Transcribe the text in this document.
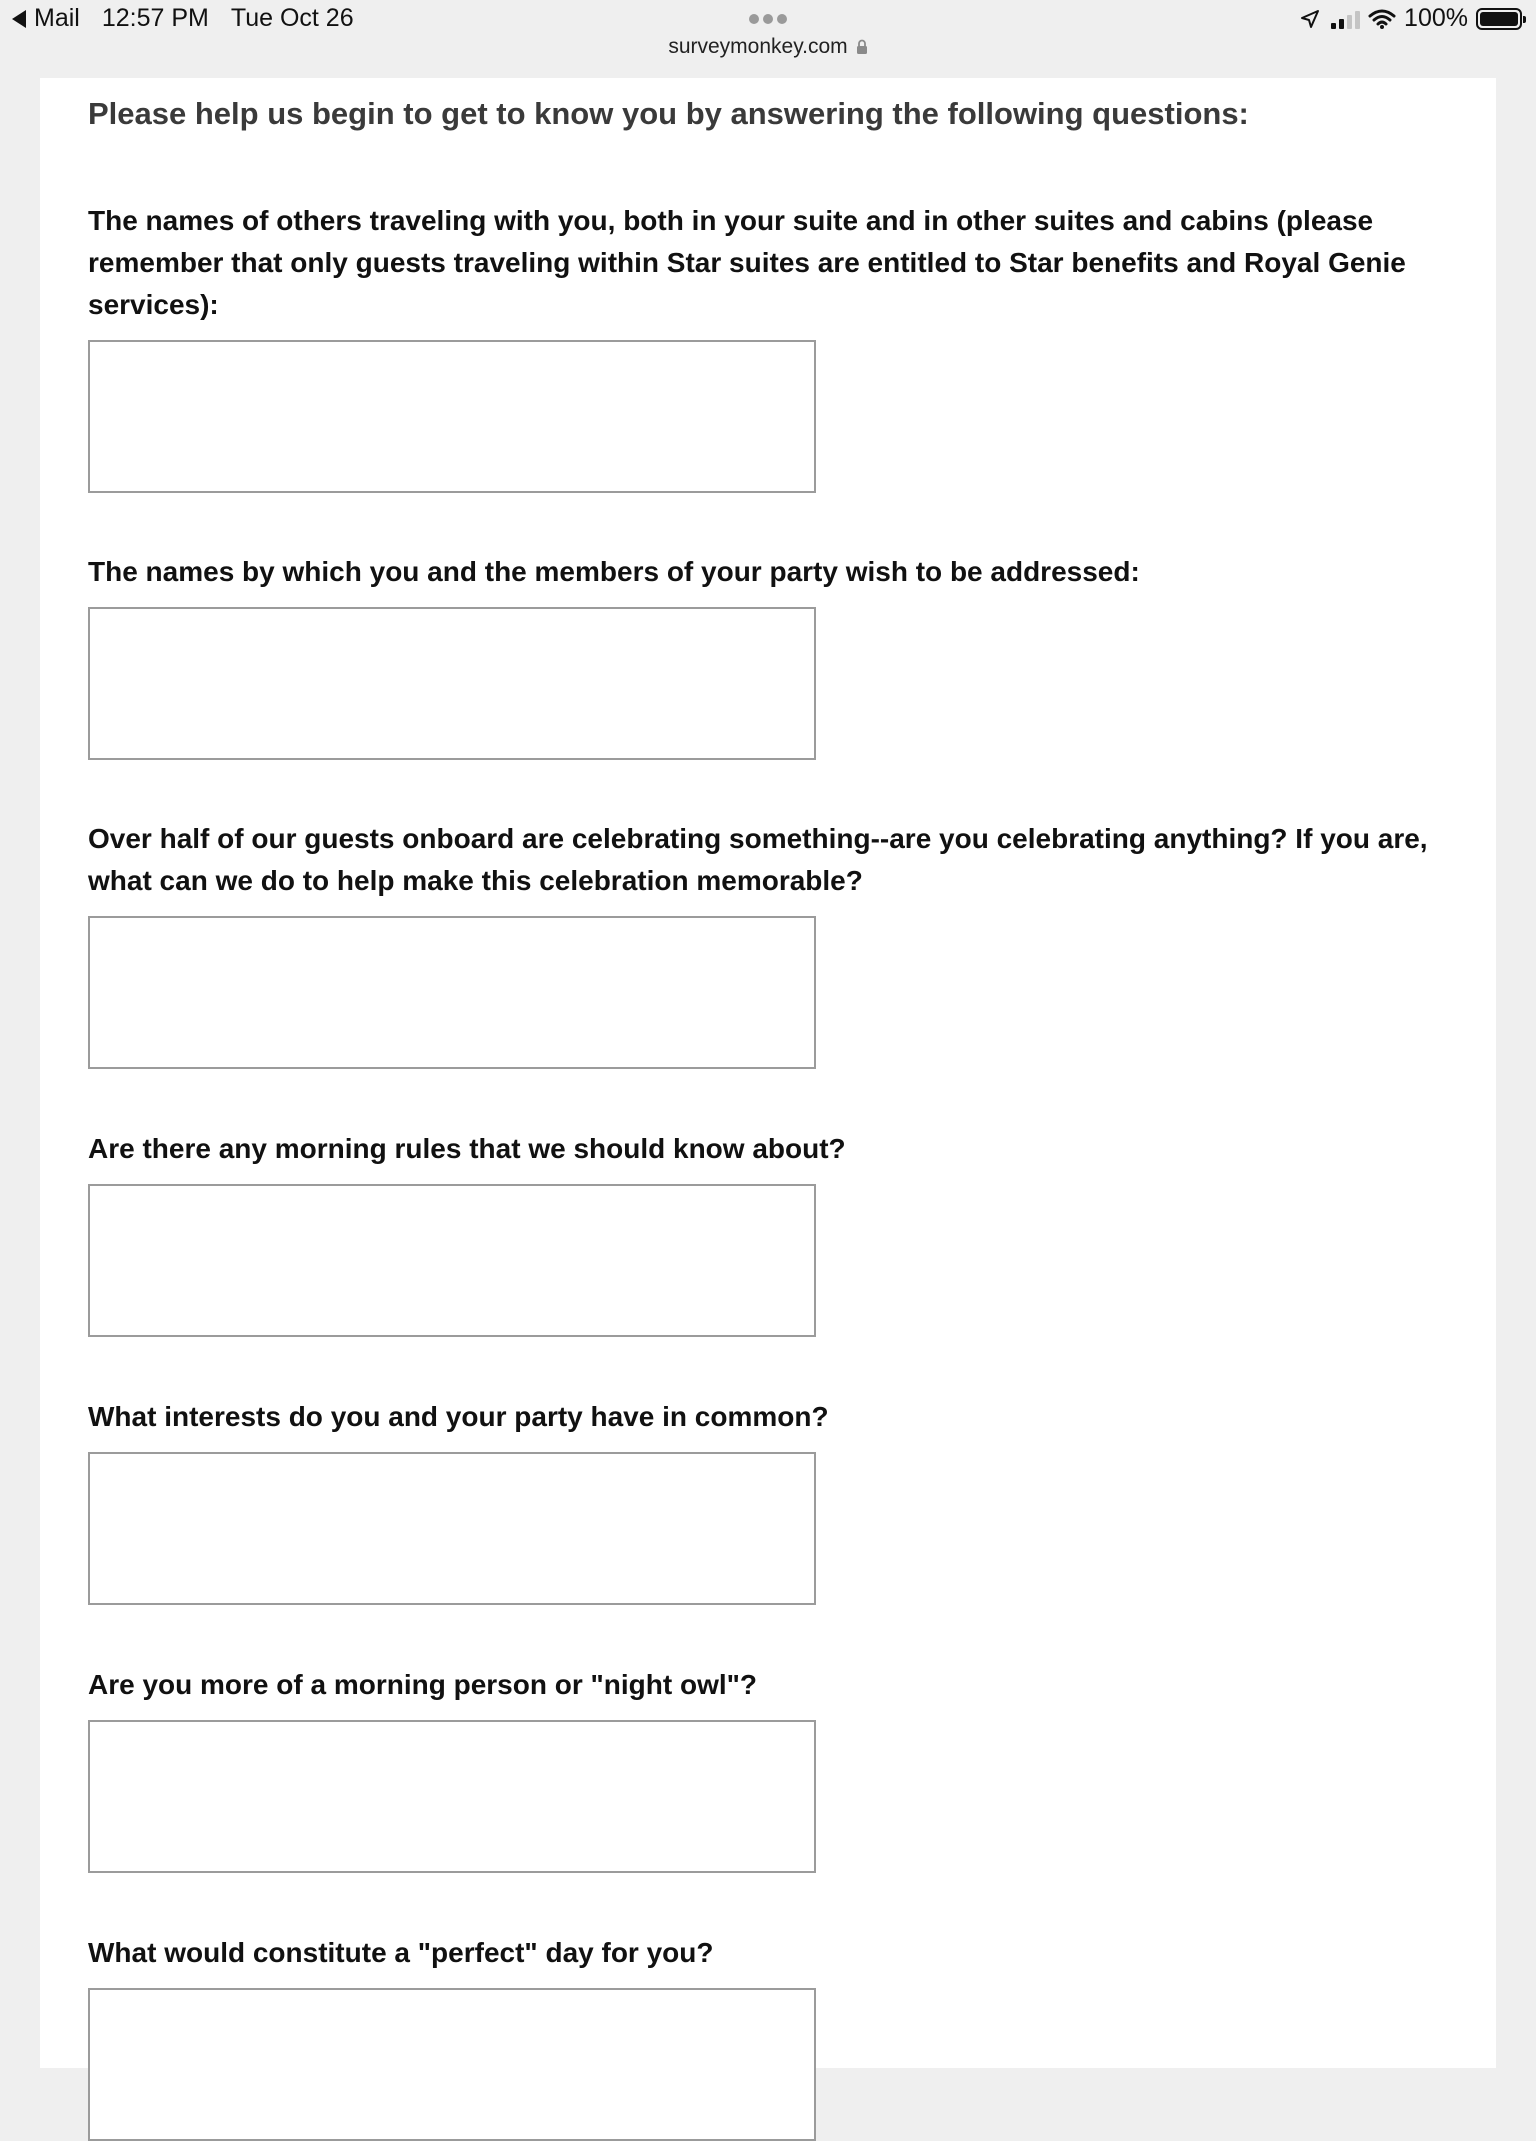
Mail 12:57 PM Tue Oct 26	100%
surveymonkey.com
Please help us begin to get to know you by answering the following questions:

The names of others traveling with you, both in your suite and in other suites and cabins (please remember that only guests traveling within Star suites are entitled to Star benefits and Royal Genie services):

The names by which you and the members of your party wish to be addressed:

Over half of our guests onboard are celebrating something--are you celebrating anything? If you are, what can we do to help make this celebration memorable?

Are there any morning rules that we should know about?

What interests do you and your party have in common?

Are you more of a morning person or "night owl"?

What would constitute a "perfect" day for you?
